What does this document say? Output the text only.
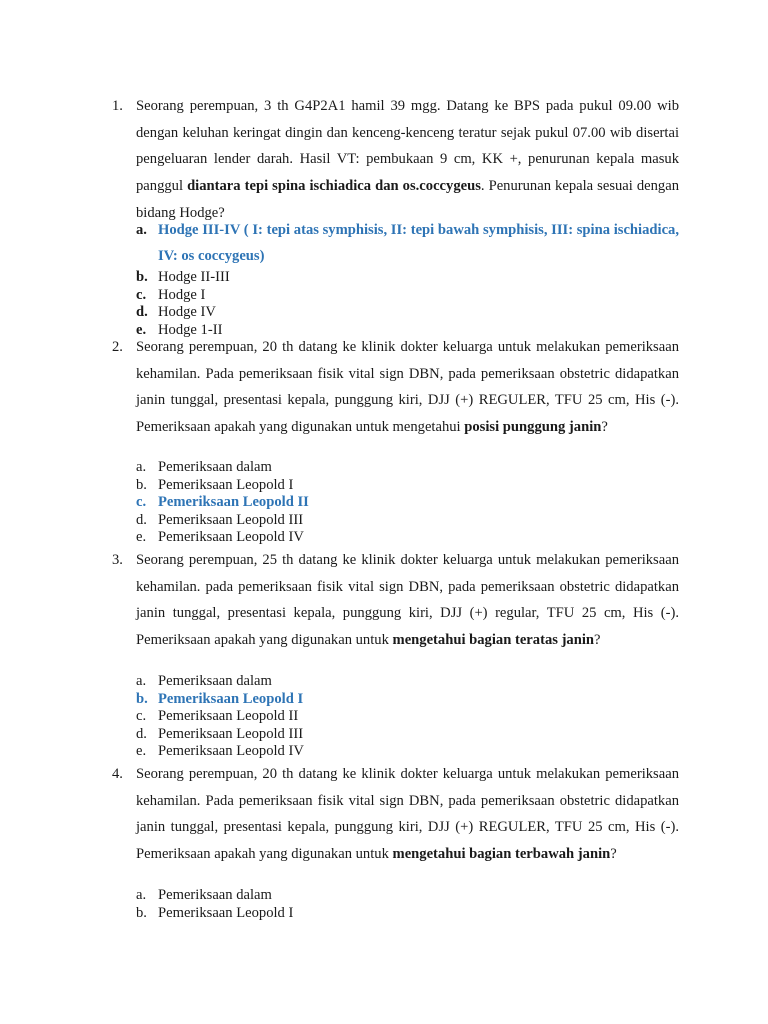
1. Seorang perempuan, 3 th G4P2A1 hamil 39 mgg. Datang ke BPS pada pukul 09.00 wib dengan keluhan keringat dingin dan kenceng-kenceng teratur sejak pukul 07.00 wib disertai pengeluaran lender darah. Hasil VT: pembukaan 9 cm, KK +, penurunan kepala masuk panggul diantara tepi spina ischiadica dan os.coccygeus. Penurunan kepala sesuai dengan bidang Hodge?
a. Hodge III-IV ( I: tepi atas symphisis, II: tepi bawah symphisis, III: spina ischiadica, IV: os coccygeus)
b. Hodge II-III
c. Hodge I
d. Hodge IV
e. Hodge 1-II
2. Seorang perempuan, 20 th datang ke klinik dokter keluarga untuk melakukan pemeriksaan kehamilan. Pada pemeriksaan fisik vital sign DBN, pada pemeriksaan obstetric didapatkan janin tunggal, presentasi kepala, punggung kiri, DJJ (+) REGULER, TFU 25 cm, His (-). Pemeriksaan apakah yang digunakan untuk mengetahui posisi punggung janin?
a. Pemeriksaan dalam
b. Pemeriksaan Leopold I
c. Pemeriksaan Leopold II
d. Pemeriksaan Leopold III
e. Pemeriksaan Leopold IV
3. Seorang perempuan, 25 th datang ke klinik dokter keluarga untuk melakukan pemeriksaan kehamilan. pada pemeriksaan fisik vital sign DBN, pada pemeriksaan obstetric didapatkan janin tunggal, presentasi kepala, punggung kiri, DJJ (+) regular, TFU 25 cm, His (-). Pemeriksaan apakah yang digunakan untuk mengetahui bagian teratas janin?
a. Pemeriksaan dalam
b. Pemeriksaan Leopold I
c. Pemeriksaan Leopold II
d. Pemeriksaan Leopold III
e. Pemeriksaan Leopold IV
4. Seorang perempuan, 20 th datang ke klinik dokter keluarga untuk melakukan pemeriksaan kehamilan. Pada pemeriksaan fisik vital sign DBN, pada pemeriksaan obstetric didapatkan janin tunggal, presentasi kepala, punggung kiri, DJJ (+) REGULER, TFU 25 cm, His (-). Pemeriksaan apakah yang digunakan untuk mengetahui bagian terbawah janin?
a. Pemeriksaan dalam
b. Pemeriksaan Leopold I
